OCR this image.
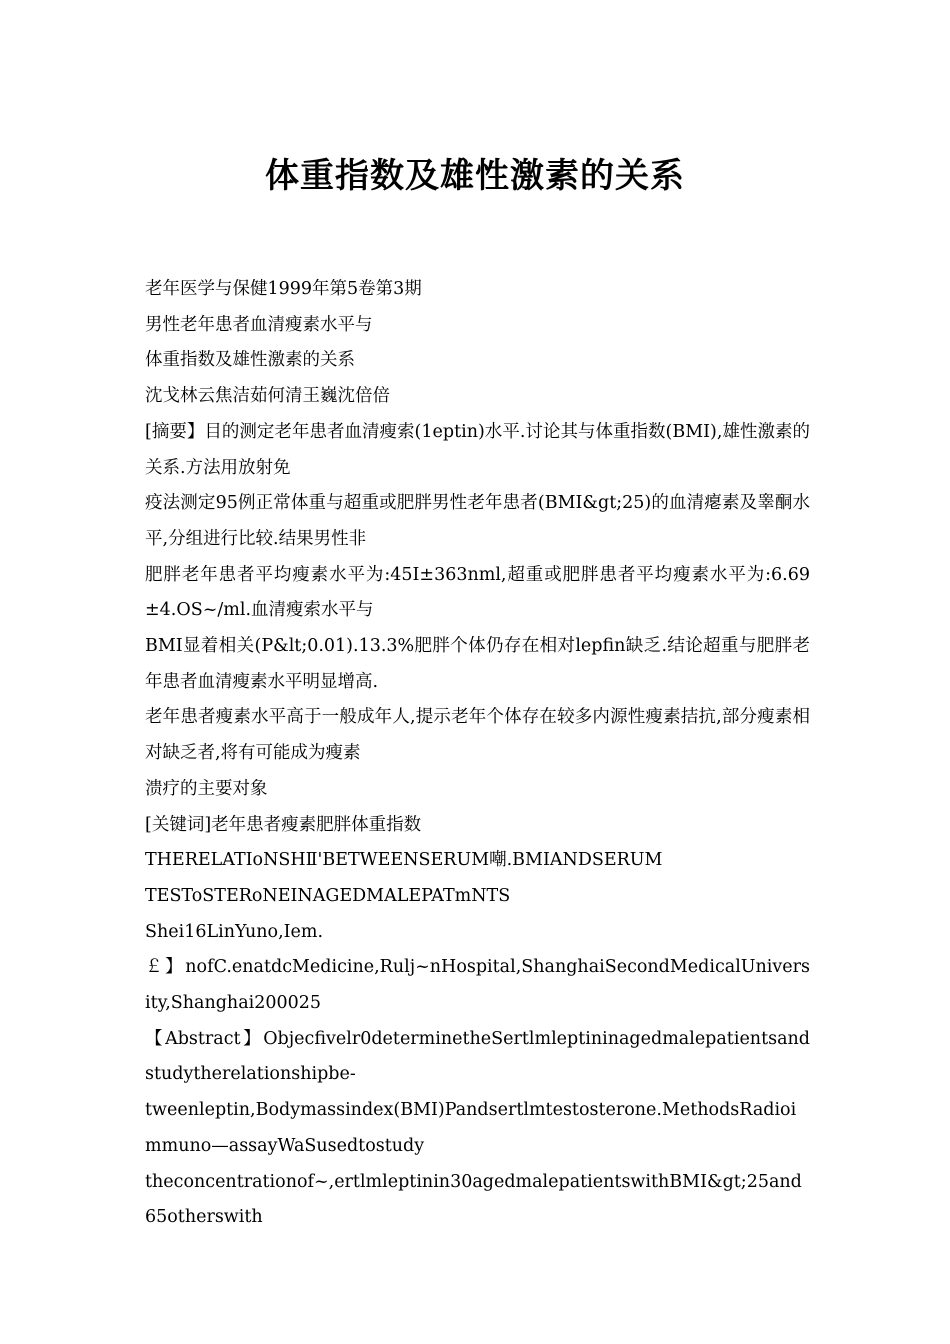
体重指数及雄性激素的关系

老年医学与保健1999年第5卷第3期

男性老年患者血清瘦素水平与

体重指数及雄性激素的关系

沈戈林云焦洁茹何清王巍沈倍倍

[摘要】目的测定老年患者血清瘦索(1eptin)水平.讨论其与体重指数(BMI),雄性激素的关系.方法用放射免

疫法测定95例正常体重与超重或肥胖男性老年患者(BMI&gt;25)的血清瘪素及睾酮水平,分组进行比较.结果男性非

肥胖老年患者平均瘦素水平为:45I±363nml,超重或肥胖患者平均瘦素水平为:6.69±4.OS~/ml.血清瘦索水平与

BMI显着相关(P&lt;0.01).13.3%肥胖个体仍存在相对lepfin缺乏.结论超重与肥胖老年患者血清瘦素水平明显增高.

老年患者瘦素水平高于一般成年人,提示老年个体存在较多内源性瘦素拮抗,部分瘦素相对缺乏者,将有可能成为瘦素

溃疗的主要对象

[关键词]老年患者瘦素肥胖体重指数

THERELATIoNSHⅡ'BETWEENSERUM嘲.BMIANDSERUM

TESToSTERoNEINAGEDMALEPATmNTS

Shei16LinYuno,Iem.

￡】nofC.enatdcMedicine,Rulj~nHospital,ShanghaiSecondMedicalUniversity,Shanghai200025

【Abstract】Objecfivelr0determinetheSertlmleptininagedmalepatientsandstudytherelationshipbe-

tweenleptin,Bodymassindex(BMI)Pandsertlmtestosterone.MethodsRadioimmuno—assayWaSusedtostudy

theconcentrationof~,ertlmleptinin30agedmalepatientswithBMI&gt;25and65otherswith
